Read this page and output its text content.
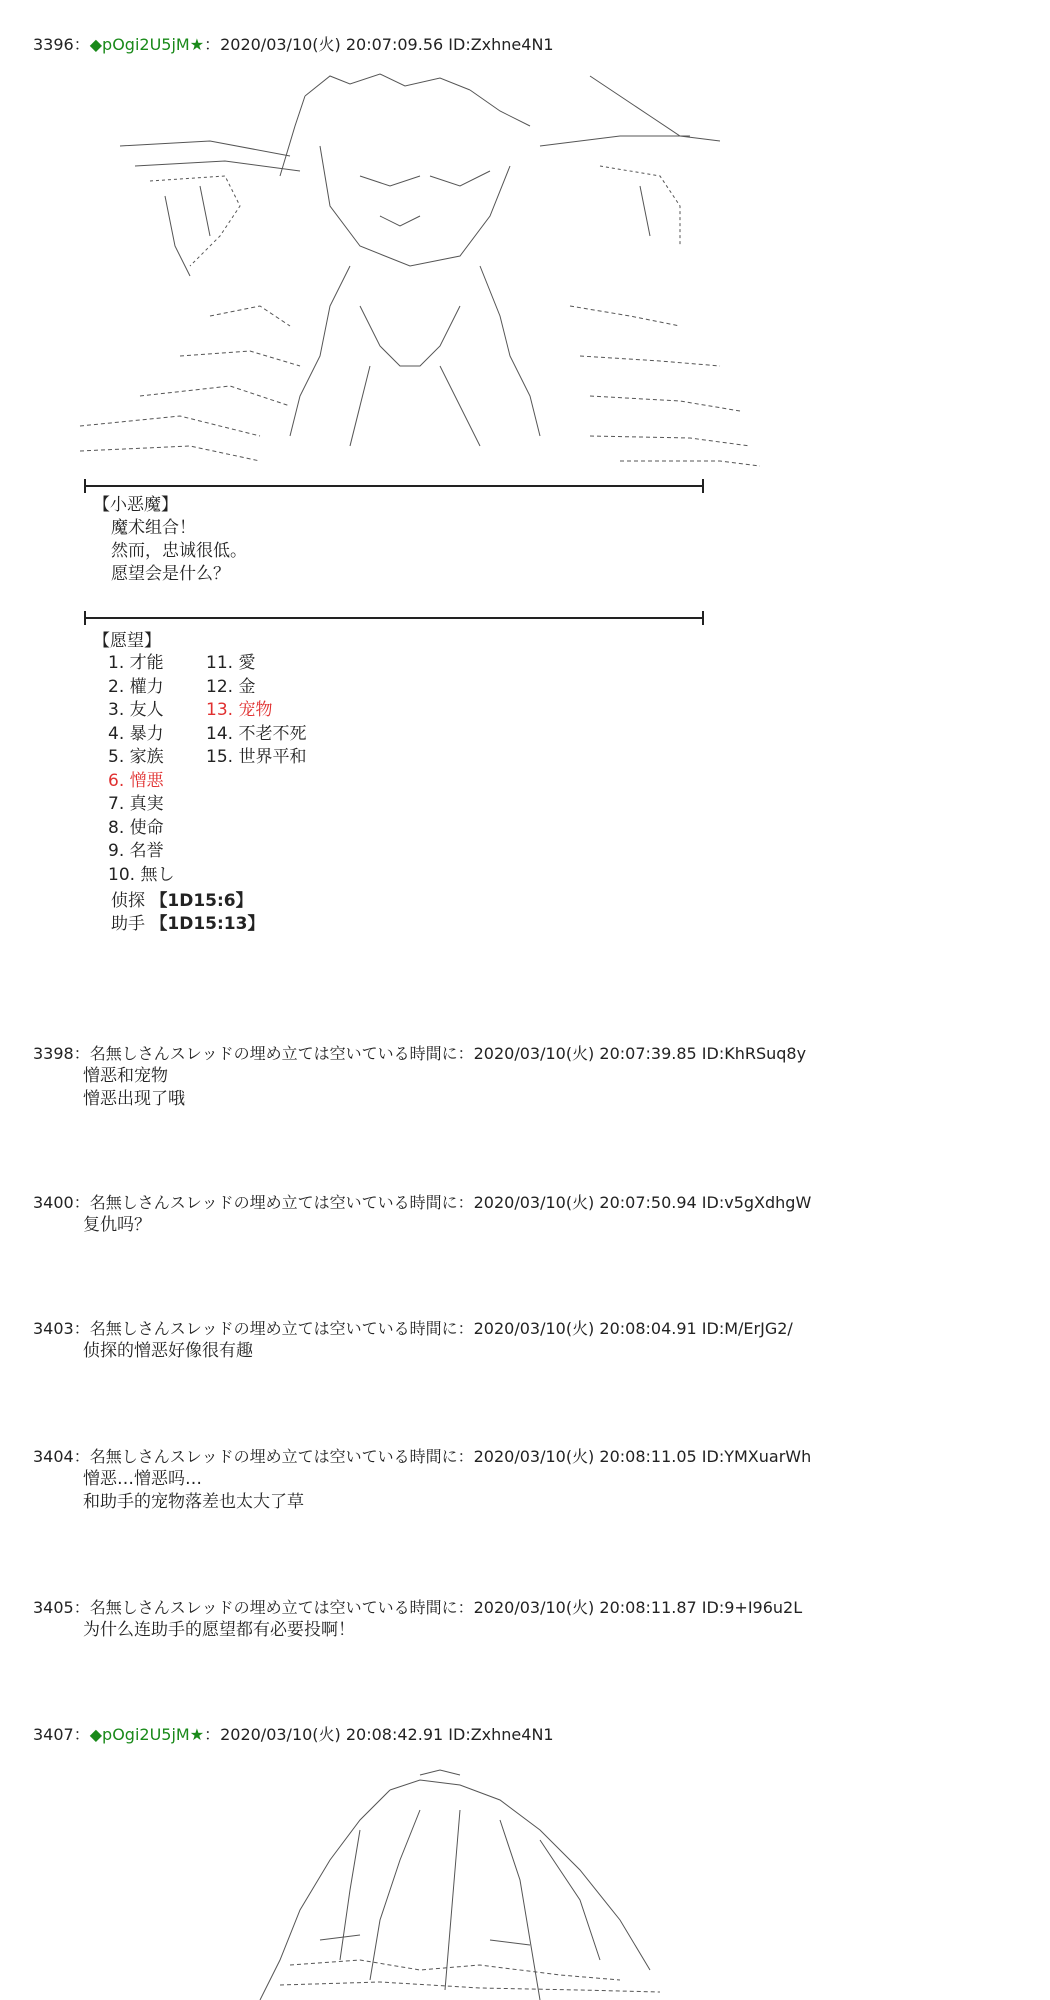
3396：◆pOgi2U5jM★：2020/03/10(火) 20:07:09.56 ID:Zxhne4N1
【小恶魔】
魔术组合！
然而，忠诚很低。
愿望会是什么？
【愿望】
1. 才能
2. 權力
3. 友人
4. 暴力
5. 家族
6. 憎悪
7. 真実
8. 使命
9. 名誉
10. 無し
11. 愛
12. 金
13. 宠物
14. 不老不死
15. 世界平和
侦探 【1D15:6】
助手 【1D15:13】
3398：名無しさんスレッドの埋め立ては空いている時間に：2020/03/10(火) 20:07:39.85 ID:KhRSuq8y
憎恶和宠物
憎恶出现了哦
3400：名無しさんスレッドの埋め立ては空いている時間に：2020/03/10(火) 20:07:50.94 ID:v5gXdhgW
复仇吗？
3403：名無しさんスレッドの埋め立ては空いている時間に：2020/03/10(火) 20:08:04.91 ID:M/ErJG2/
侦探的憎恶好像很有趣
3404：名無しさんスレッドの埋め立ては空いている時間に：2020/03/10(火) 20:08:11.05 ID:YMXuarWh
憎恶…憎恶吗…
和助手的宠物落差也太大了草
3405：名無しさんスレッドの埋め立ては空いている時間に：2020/03/10(火) 20:08:11.87 ID:9+I96u2L
为什么连助手的愿望都有必要投啊！
3407：◆pOgi2U5jM★：2020/03/10(火) 20:08:42.91 ID:Zxhne4N1
